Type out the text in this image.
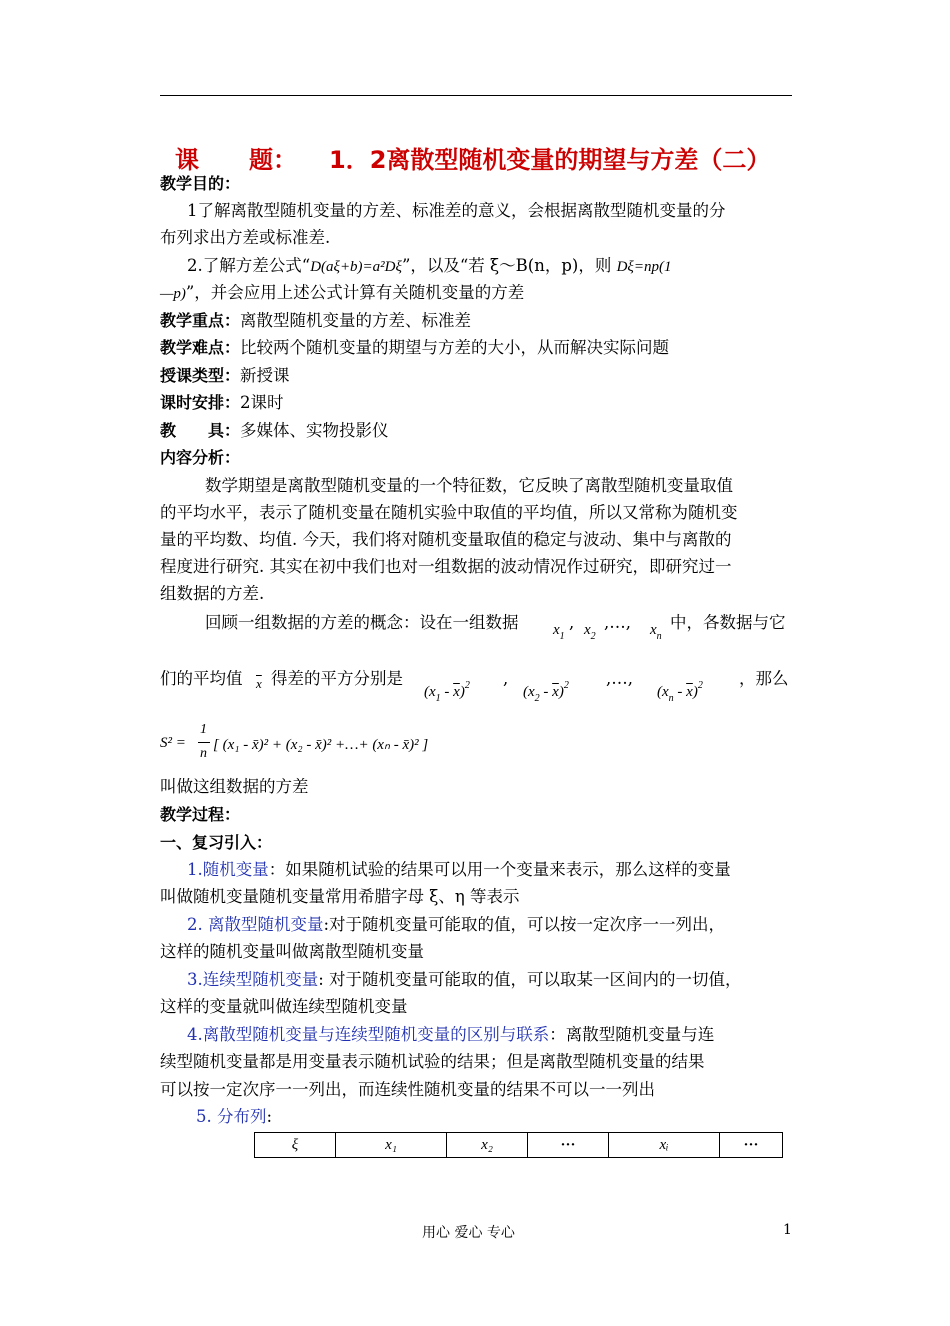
课 题： 1．2离散型随机变量的期望与方差（二）
教学目的：
1了解离散型随机变量的方差、标准差的意义，会根据离散型随机变量的分
布列求出方差或标准差.
2.了解方差公式“D(aξ+b)=a²Dξ”，以及“若 ξ～B(n，p)，则 Dξ=np(1
—p)”，并会应用上述公式计算有关随机变量的方差
教学重点：离散型随机变量的方差、标准差
教学难点：比较两个随机变量的期望与方差的大小，从而解决实际问题
授课类型：新授课
课时安排：2课时
教　　具：多媒体、实物投影仪
内容分析：
数学期望是离散型随机变量的一个特征数，它反映了离散型随机变量取值
的平均水平，表示了随机变量在随机实验中取值的平均值，所以又常称为随机变
量的平均数、均值. 今天，我们将对随机变量取值的稳定与波动、集中与离散的
程度进行研究. 其实在初中我们也对一组数据的波动情况作过研究，即研究过一
组数据的方差.
回顾一组数据的方差的概念：设在一组数据 $x_1$
, $x_2$
,…, $x_n$
中，各数据与它
们的平均值 $\overline{x}$ 得差的平方分别是
$(x_1 - \overline{x})^2$ ,
$(x_2 - \overline{x})^2$ ,…,
$(x_n - \overline{x})^2$ ，那么
S² =
1
n
[ (x₁ - x̄)² + (x₂ - x̄)² +…+ (xₙ - x̄)² ]
叫做这组数据的方差
教学过程：
一、复习引入：
1.随机变量：如果随机试验的结果可以用一个变量来表示，那么这样的变量
叫做随机变量随机变量常用希腊字母 ξ、η 等表示
2. 离散型随机变量:对于随机变量可能取的值，可以按一定次序一一列出，
这样的随机变量叫做离散型随机变量
3.连续型随机变量: 对于随机变量可能取的值，可以取某一区间内的一切值，
这样的变量就叫做连续型随机变量
4.离散型随机变量与连续型随机变量的区别与联系：离散型随机变量与连
续型随机变量都是用变量表示随机试验的结果；但是离散型随机变量的结果
可以按一定次序一一列出，而连续性随机变量的结果不可以一一列出
5. 分布列:
ξ	x₁	x₂	···	xᵢ	···
用心 爱心 专心	1
